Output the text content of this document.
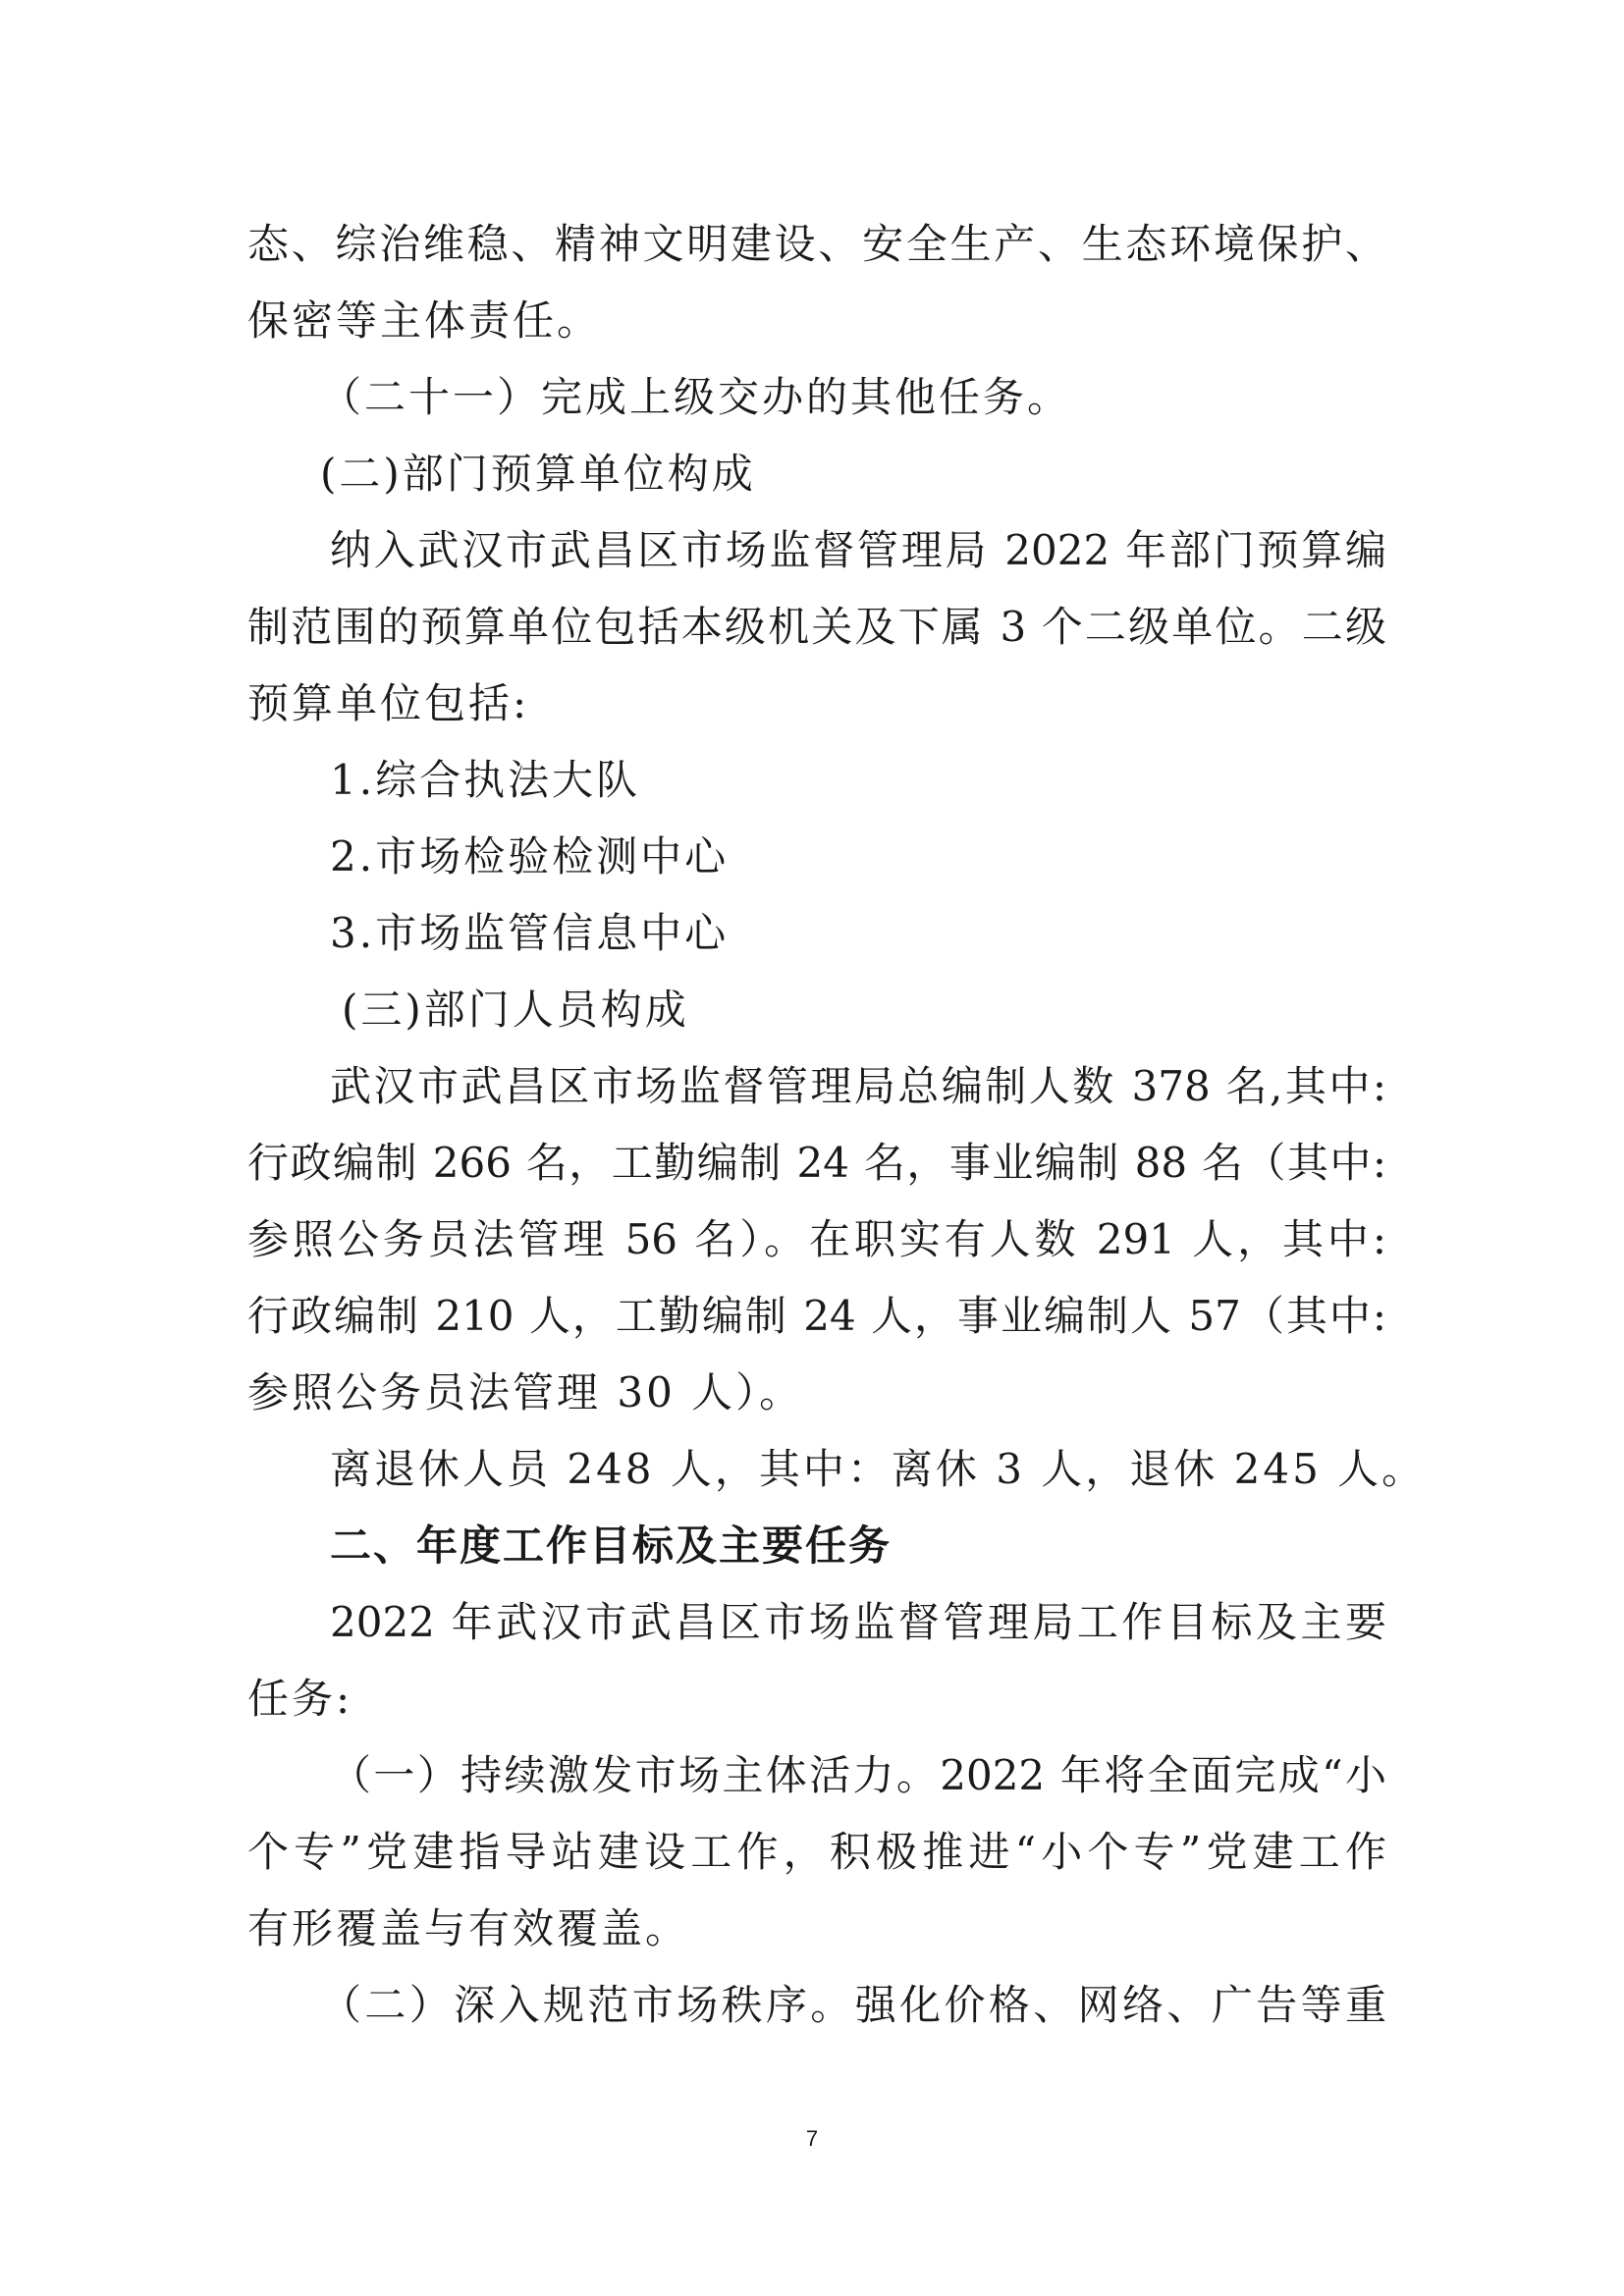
态、综治维稳、精神文明建设、安全生产、生态环境保护、
保密等主体责任。
（二十一）完成上级交办的其他任务。
(二)部门预算单位构成
纳入武汉市武昌区市场监督管理局 2022 年部门预算编
制范围的预算单位包括本级机关及下属 3 个二级单位。二级
预算单位包括:
1.综合执法大队
2.市场检验检测中心
3.市场监管信息中心
(三)部门人员构成
武汉市武昌区市场监督管理局总编制人数 378 名,其中:
行政编制 266 名，工勤编制 24 名，事业编制 88 名（其中:
参照公务员法管理 56 名）。在职实有人数 291 人，其中:
行政编制 210 人，工勤编制 24 人，事业编制人 57（其中:
参照公务员法管理 30 人）。
离退休人员 248 人，其中：离休 3 人，退休 245 人。
二、年度工作目标及主要任务
2022 年武汉市武昌区市场监督管理局工作目标及主要
任务:
（一）持续激发市场主体活力。2022 年将全面完成“小
个专”党建指导站建设工作，积极推进“小个专”党建工作
有形覆盖与有效覆盖。
（二）深入规范市场秩序。强化价格、网络、广告等重
7
